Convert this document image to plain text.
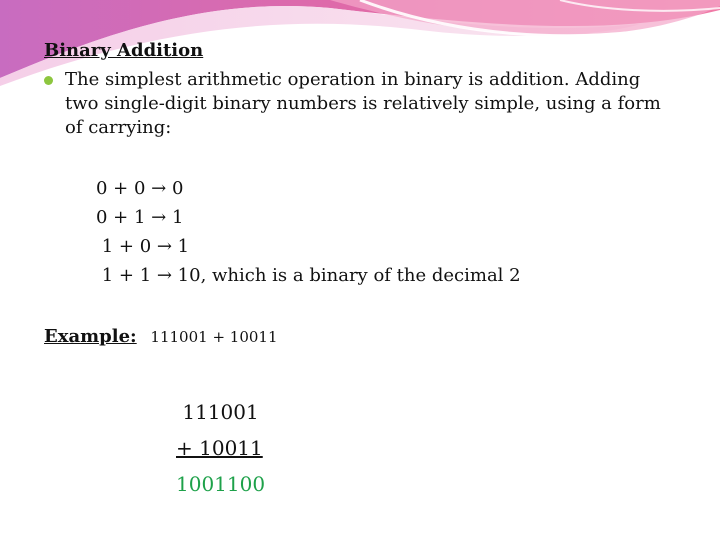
Binary Addition
The simplest arithmetic operation in binary is addition. Adding two single-digit binary numbers is relatively simple, using a form of carrying:
0 + 0 → 0
0 + 1 → 1
1 + 0 → 1
1 + 1 → 10, which is a binary of the decimal 2
Example: 111001 + 10011
111001
+ 10011
1001100
